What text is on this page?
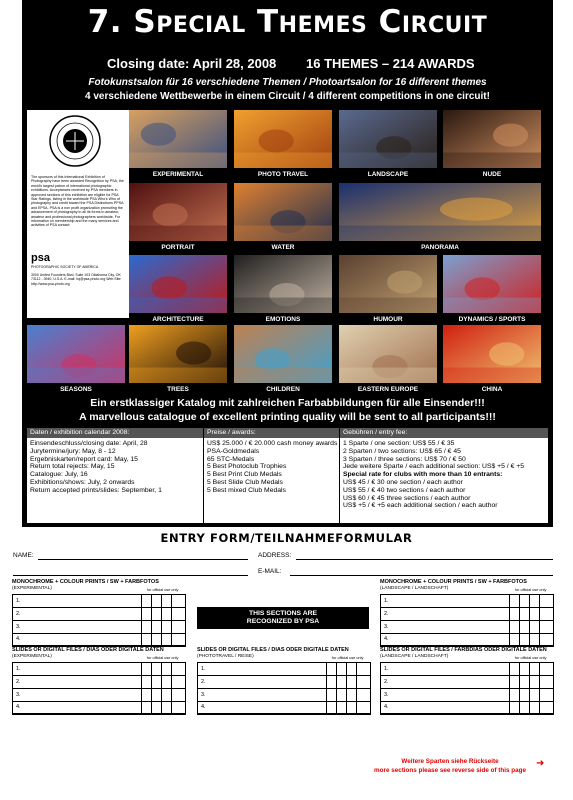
7. Special Themes Circuit
Closing date: April 28, 2008 16 THEMES – 214 AWARDS
Fotokunstsalon für 16 verschiedene Themen / Photoartsalon for 16 different themes
4 verschiedene Wettbewerbe in einem Circuit / 4 different competitions in one circuit!
The sponsors of this International Exhibition of Photography have been awarded Recognition by PSA, the world's largest patron of international photographic exhibitions. Acceptances received by PSA members in approved sections of this exhibition are eligible for PSA Star Ratings, listing in the worldwide PSA Who's Who of photography and credit toward the PSA Distinctions PPSA and EPSA. PSA is a non profit organization promoting the advancement of photography in all its forms in amateur, amateur and professional photographers worldwide. For information on membership and the many services and activities of PSA contact:
psa
PHOTOGRAPHIC SOCIETY OF AMERICA
3000 United Founders Blvd. Suite 103 Oklahoma City, OK 73112 - 3940, U.S.A. E-mail: hq@psa-photo.org Web Site: http://www.psa-photo.org
EXPERIMENTAL	PHOTO TRAVEL	LANDSCAPE	NUDE
PORTRAIT	WATER	PANORAMA
ARCHITECTURE	EMOTIONS	HUMOUR	DYNAMICS / SPORTS
SEASONS	TREES	CHILDREN	EASTERN EUROPE	CHINA
Ein erstklassiger Katalog mit zahlreichen Farbabbildungen für alle Einsender!!!
A marvellous catalogue of excellent printing quality will be sent to all participants!!!
Daten / exhibition calendar 2008:
Einsendeschluss/closing date: April, 28
Jurytermine/jury: May, 8 - 12
Ergebniskarten/report card: May, 15
Return total rejects: May, 15
Catalogue: July, 16
Exhibitions/shows: July, 2 onwards
Return accepted prints/slides: September, 1
Preise / awards:
US$ 25.000 / € 20.000 cash money awards
PSA-Goldmedals
65 STC-Medals
5 Best Photoclub Trophies
5 Best Print Club Medals
5 Best Slide Club Medals
5 Best mixed Club Medals
Gebühren / entry fee:
1 Sparte / one section: US$ 55 / € 35
2 Sparten / two sections: US$ 65 / € 45
3 Sparten / three sections: US$ 70 / € 50
Jede weitere Sparte / each additional section: US$ +5 / € +5
Special rate for clubs with more than 10 entrants:
US$ 45 / € 30 one section / each author
US$ 55 / € 40 two sections / each author
US$ 60 / € 45 three sections / each author
US$ +5 / € +5 each additional section / each author
ENTRY FORM/TEILNAHMEFORMULAR
NAME:	ADDRESS:
E-MAIL:
MONOCHROME + COLOUR PRINTS / SW + FARBFOTOS
(EXPERIMENTAL)	for official use only
1.
2.
3.
4.
MONOCHROME + COLOUR PRINTS / SW + FARBFOTOS
(LANDSCAPE / LANDSCHAFT)	for official use only
1.
2.
3.
4.
SLIDES OR DIGITAL FILES / DIAS ODER DIGITALE DATEN
(EXPERIMENTAL)	for official use only
1.
2.
3.
4.
SLIDES OR DIGITAL FILES / DIAS ODER DIGITALE DATEN
(PHOTOTRAVEL / REISE)	for official use only
1.
2.
3.
4.
SLIDES OR DIGITAL FILES / FARBDIAS ODER DIGITALE DATEN
(LANDSCAPE / LANDSCHAFT)	for official use only
1.
2.
3.
4.
THIS SECTIONS ARE
RECOGNIZED BY PSA
Weitere Sparten siehe Rückseite
more sections please see reverse side of this page
➜
